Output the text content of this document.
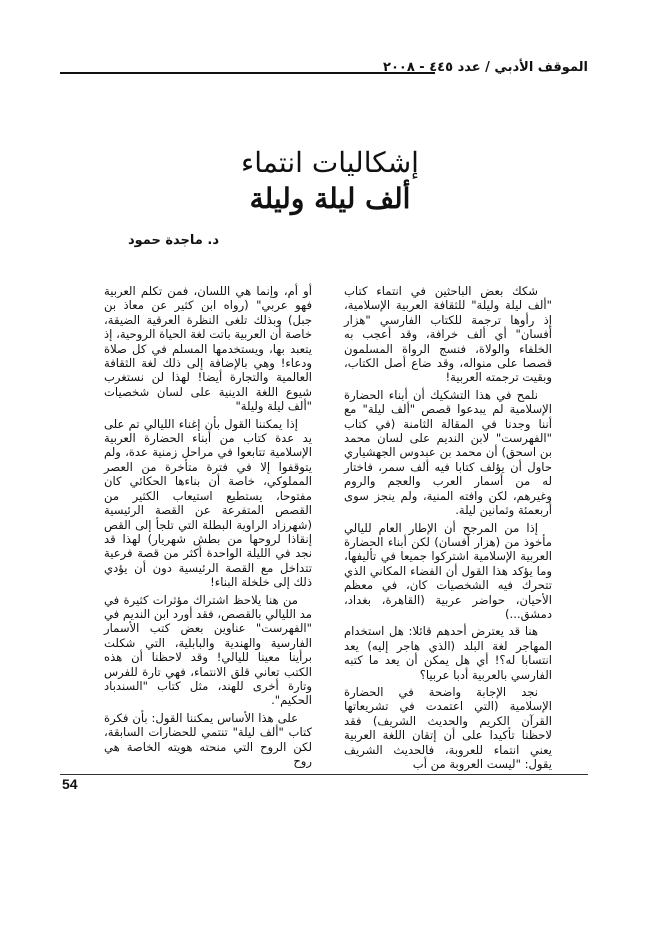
الموقف الأدبي / عدد ٤٤٥ - ٢٠٠٨
إشكاليات انتماء
ألف ليلة وليلة
د. ماجدة حمود

شكك بعض الباحثين في انتماء كتاب "ألف ليلة وليلة" للثقافة العربية الإسلامية، إذ رأوها ترجمة للكتاب الفارسي "هزار أفسان" أي ألف خرافة، وقد أعجب به الخلفاء والولاة، فنسج الرواة المسلمون قصصا على منواله، وقد ضاع أصل الكتاب، وبقيت ترجمته العربية!

نلمح في هذا التشكيك أن أبناء الحضارة الإسلامية لم يبدعوا قصص "ألف ليلة" مع أننا وجدنا في المقالة الثامنة (في كتاب "الفهرست" لابن النديم على لسان محمد بن اسحق) أن محمد بن عبدوس الجهشياري حاول أن يؤلف كتابا فيه ألف سمر، فاختار له من أسمار العرب والعجم والروم وغيرهم، لكن وافته المنية، ولم ينجز سوى أربعمئة وثمانين ليلة.

إذا من المرجح أن الإطار العام لليالي مأخوذ من (هزار أفسان) لكن أبناء الحضارة العربية الإسلامية اشتركوا جميعا في تأليفها، وما يؤكد هذا القول أن الفضاء المكاني الذي تتحرك فيه الشخصيات كان، في معظم الأحيان، حواضر عربية (القاهرة، بغداد، دمشق...)

هنا قد يعترض أحدهم قائلا: هل استخدام المهاجر لغة البلد (الذي هاجر إليه) يعد انتسابا له؟! أي هل يمكن أن يعد ما كتبه الفارسي بالعربية أدبا عربيا؟

نجد الإجابة واضحة في الحضارة الإسلامية (التي اعتمدت في تشريعاتها القرآن الكريم والحديث الشريف) فقد لاحظنا تأكيدا على أن إتقان اللغة العربية يعني انتماء للعروبة، فالحديث الشريف يقول: "ليست العروبة من أب

أو أم، وإنما هي اللسان، فمن تكلم العربية فهو عربي" (رواه ابن كثير عن معاذ بن جبل) وبذلك تلغى النظرة العرقية الضيقة، خاصة أن العربية باتت لغة الحياة الروحية، إذ يتعبد بها، ويستخدمها المسلم في كل صلاة ودعاء! وهي بالإضافة إلى ذلك لغة الثقافة العالمية والتجارة أيضا! لهذا لن نستغرب شيوع اللغة الدينية على لسان شخصيات "ألف ليلة وليلة"

إذا يمكننا القول بأن إغناء الليالي تم على يد عدة كتاب من أبناء الحضارة العربية الإسلامية تتابعوا في مراحل زمنية عدة، ولم يتوقفوا إلا في فترة متأخرة من العصر المملوكي، خاصة أن بناءها الحكائي كان مفتوحا، يستطيع استيعاب الكثير من القصص المتفرعة عن القصة الرئيسية (شهرزاد الراوية البطلة التي تلجأ إلى القص إنقاذا لروحها من بطش شهريار) لهذا قد نجد في الليلة الواحدة أكثر من قصة فرعية تتداخل مع القصة الرئيسية دون أن يؤدي ذلك إلى خلخلة البناء!

من هنا يلاحظ اشتراك مؤثرات كثيرة في مد الليالي بالقصص، فقد أورد ابن النديم في "الفهرست" عناوين بعض كتب الأسمار الفارسية والهندية والبابلية، التي شكلت برأينا معينا لليالي! وقد لاحظنا أن هذه الكتب تعاني قلق الانتماء، فهي تارة للفرس وتارة أخرى للهند، مثل كتاب "السندباد الحكيم".

على هذا الأساس يمكننا القول: بأن فكرة كتاب "ألف ليلة" تنتمي للحضارات السابقة، لكن الروح التي منحته هويته الخاصة هي روح

54
